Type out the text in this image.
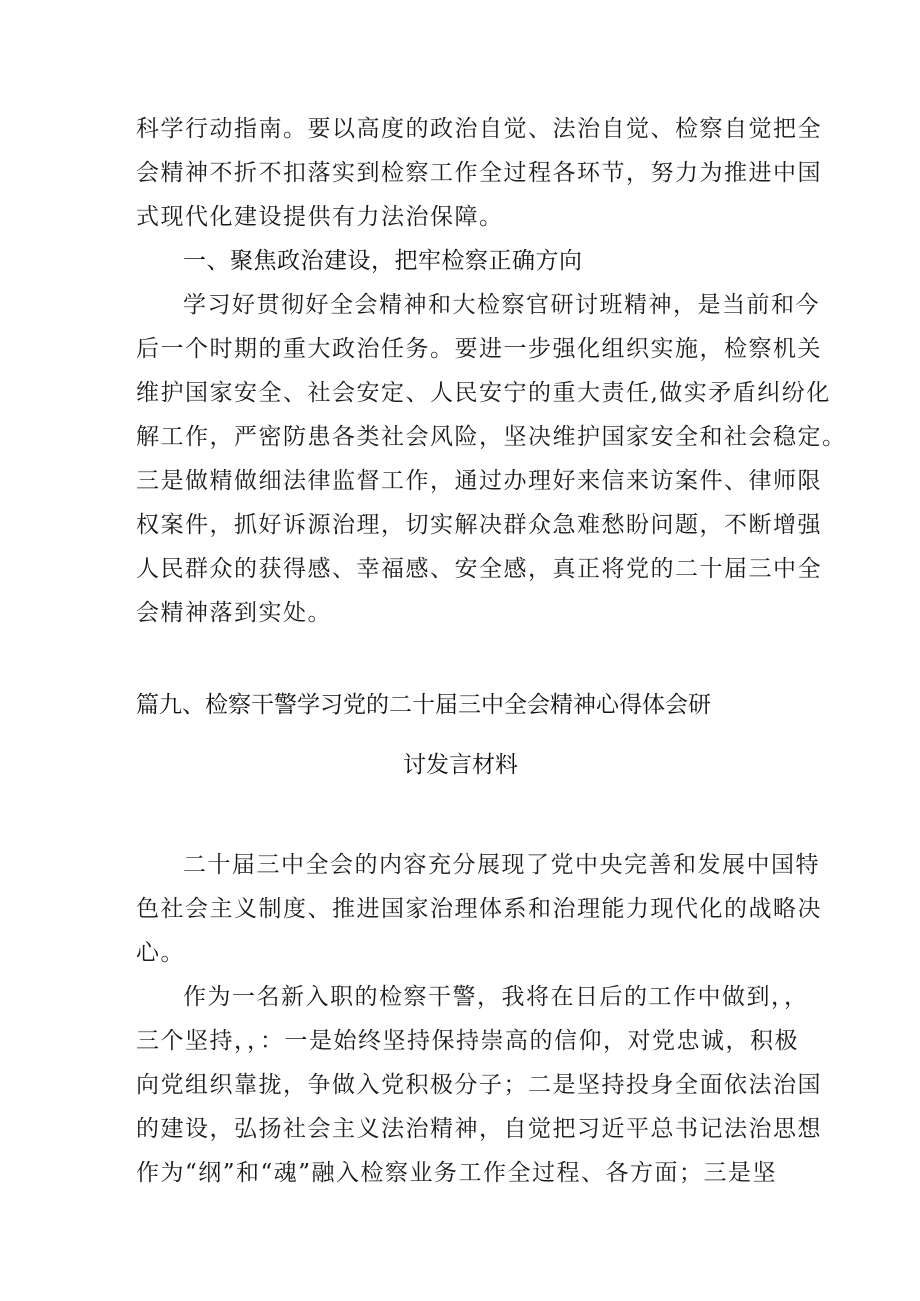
科学行动指南。要以高度的政治自觉、法治自觉、检察自觉把全
会精神不折不扣落实到检察工作全过程各环节，努力为推进中国
式现代化建设提供有力法治保障。
一、聚焦政治建设，把牢检察正确方向
学习好贯彻好全会精神和大检察官研讨班精神，是当前和今
后一个时期的重大政治任务。要进一步强化组织实施，检察机关
维护国家安全、社会安定、人民安宁的重大责任,做实矛盾纠纷化
解工作，严密防患各类社会风险，坚决维护国家安全和社会稳定。
三是做精做细法律监督工作，通过办理好来信来访案件、律师限
权案件，抓好诉源治理，切实解决群众急难愁盼问题，不断增强
人民群众的获得感、幸福感、安全感，真正将党的二十届三中全
会精神落到实处。
篇九、检察干警学习党的二十届三中全会精神心得体会研
讨发言材料
二十届三中全会的内容充分展现了党中央完善和发展中国特
色社会主义制度、推进国家治理体系和治理能力现代化的战略决
心。
作为一名新入职的检察干警，我将在日后的工作中做到，，
三个坚持，，：一是始终坚持保持崇高的信仰，对党忠诚，积极
向党组织靠拢，争做入党积极分子；二是坚持投身全面依法治国
的建设，弘扬社会主义法治精神，自觉把习近平总书记法治思想
作为“纲”和“魂”融入检察业务工作全过程、各方面；三是坚
